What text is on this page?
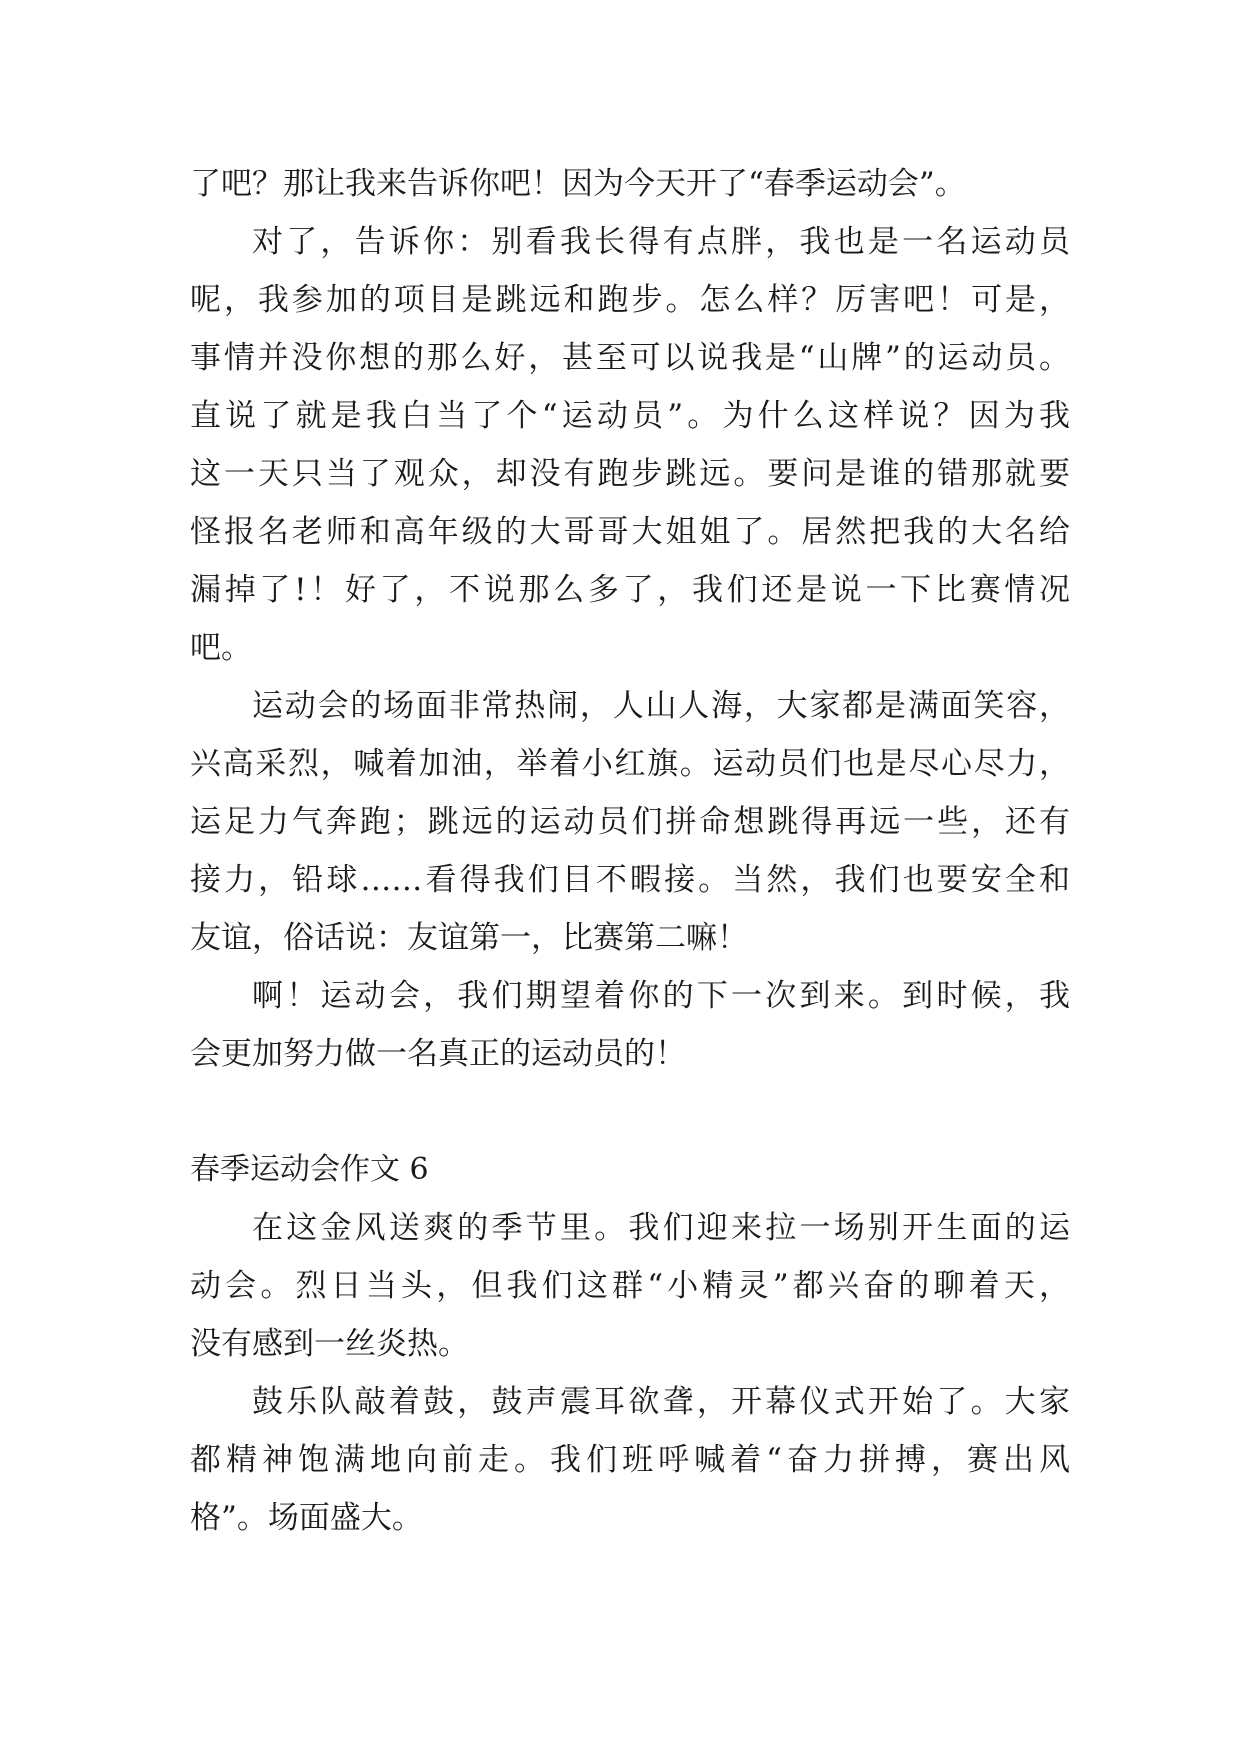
了吧？那让我来告诉你吧！因为今天开了“春季运动会”。
对了，告诉你：别看我长得有点胖，我也是一名运动员
呢，我参加的项目是跳远和跑步。怎么样？厉害吧！可是，
事情并没你想的那么好，甚至可以说我是“山牌”的运动员。
直说了就是我白当了个“运动员”。为什么这样说？因为我
这一天只当了观众，却没有跑步跳远。要问是谁的错那就要
怪报名老师和高年级的大哥哥大姐姐了。居然把我的大名给
漏掉了!！好了，不说那么多了，我们还是说一下比赛情况
吧。
运动会的场面非常热闹，人山人海，大家都是满面笑容，
兴高采烈，喊着加油，举着小红旗。运动员们也是尽心尽力，
运足力气奔跑；跳远的运动员们拼命想跳得再远一些，还有
接力，铅球……看得我们目不暇接。当然，我们也要安全和
友谊，俗话说：友谊第一，比赛第二嘛！
啊！运动会，我们期望着你的下一次到来。到时候，我
会更加努力做一名真正的运动员的！
春季运动会作文 6
在这金风送爽的季节里。我们迎来拉一场别开生面的运
动会。烈日当头，但我们这群“小精灵”都兴奋的聊着天，
没有感到一丝炎热。
鼓乐队敲着鼓，鼓声震耳欲聋，开幕仪式开始了。大家
都精神饱满地向前走。我们班呼喊着“奋力拼搏，赛出风
格”。场面盛大。
